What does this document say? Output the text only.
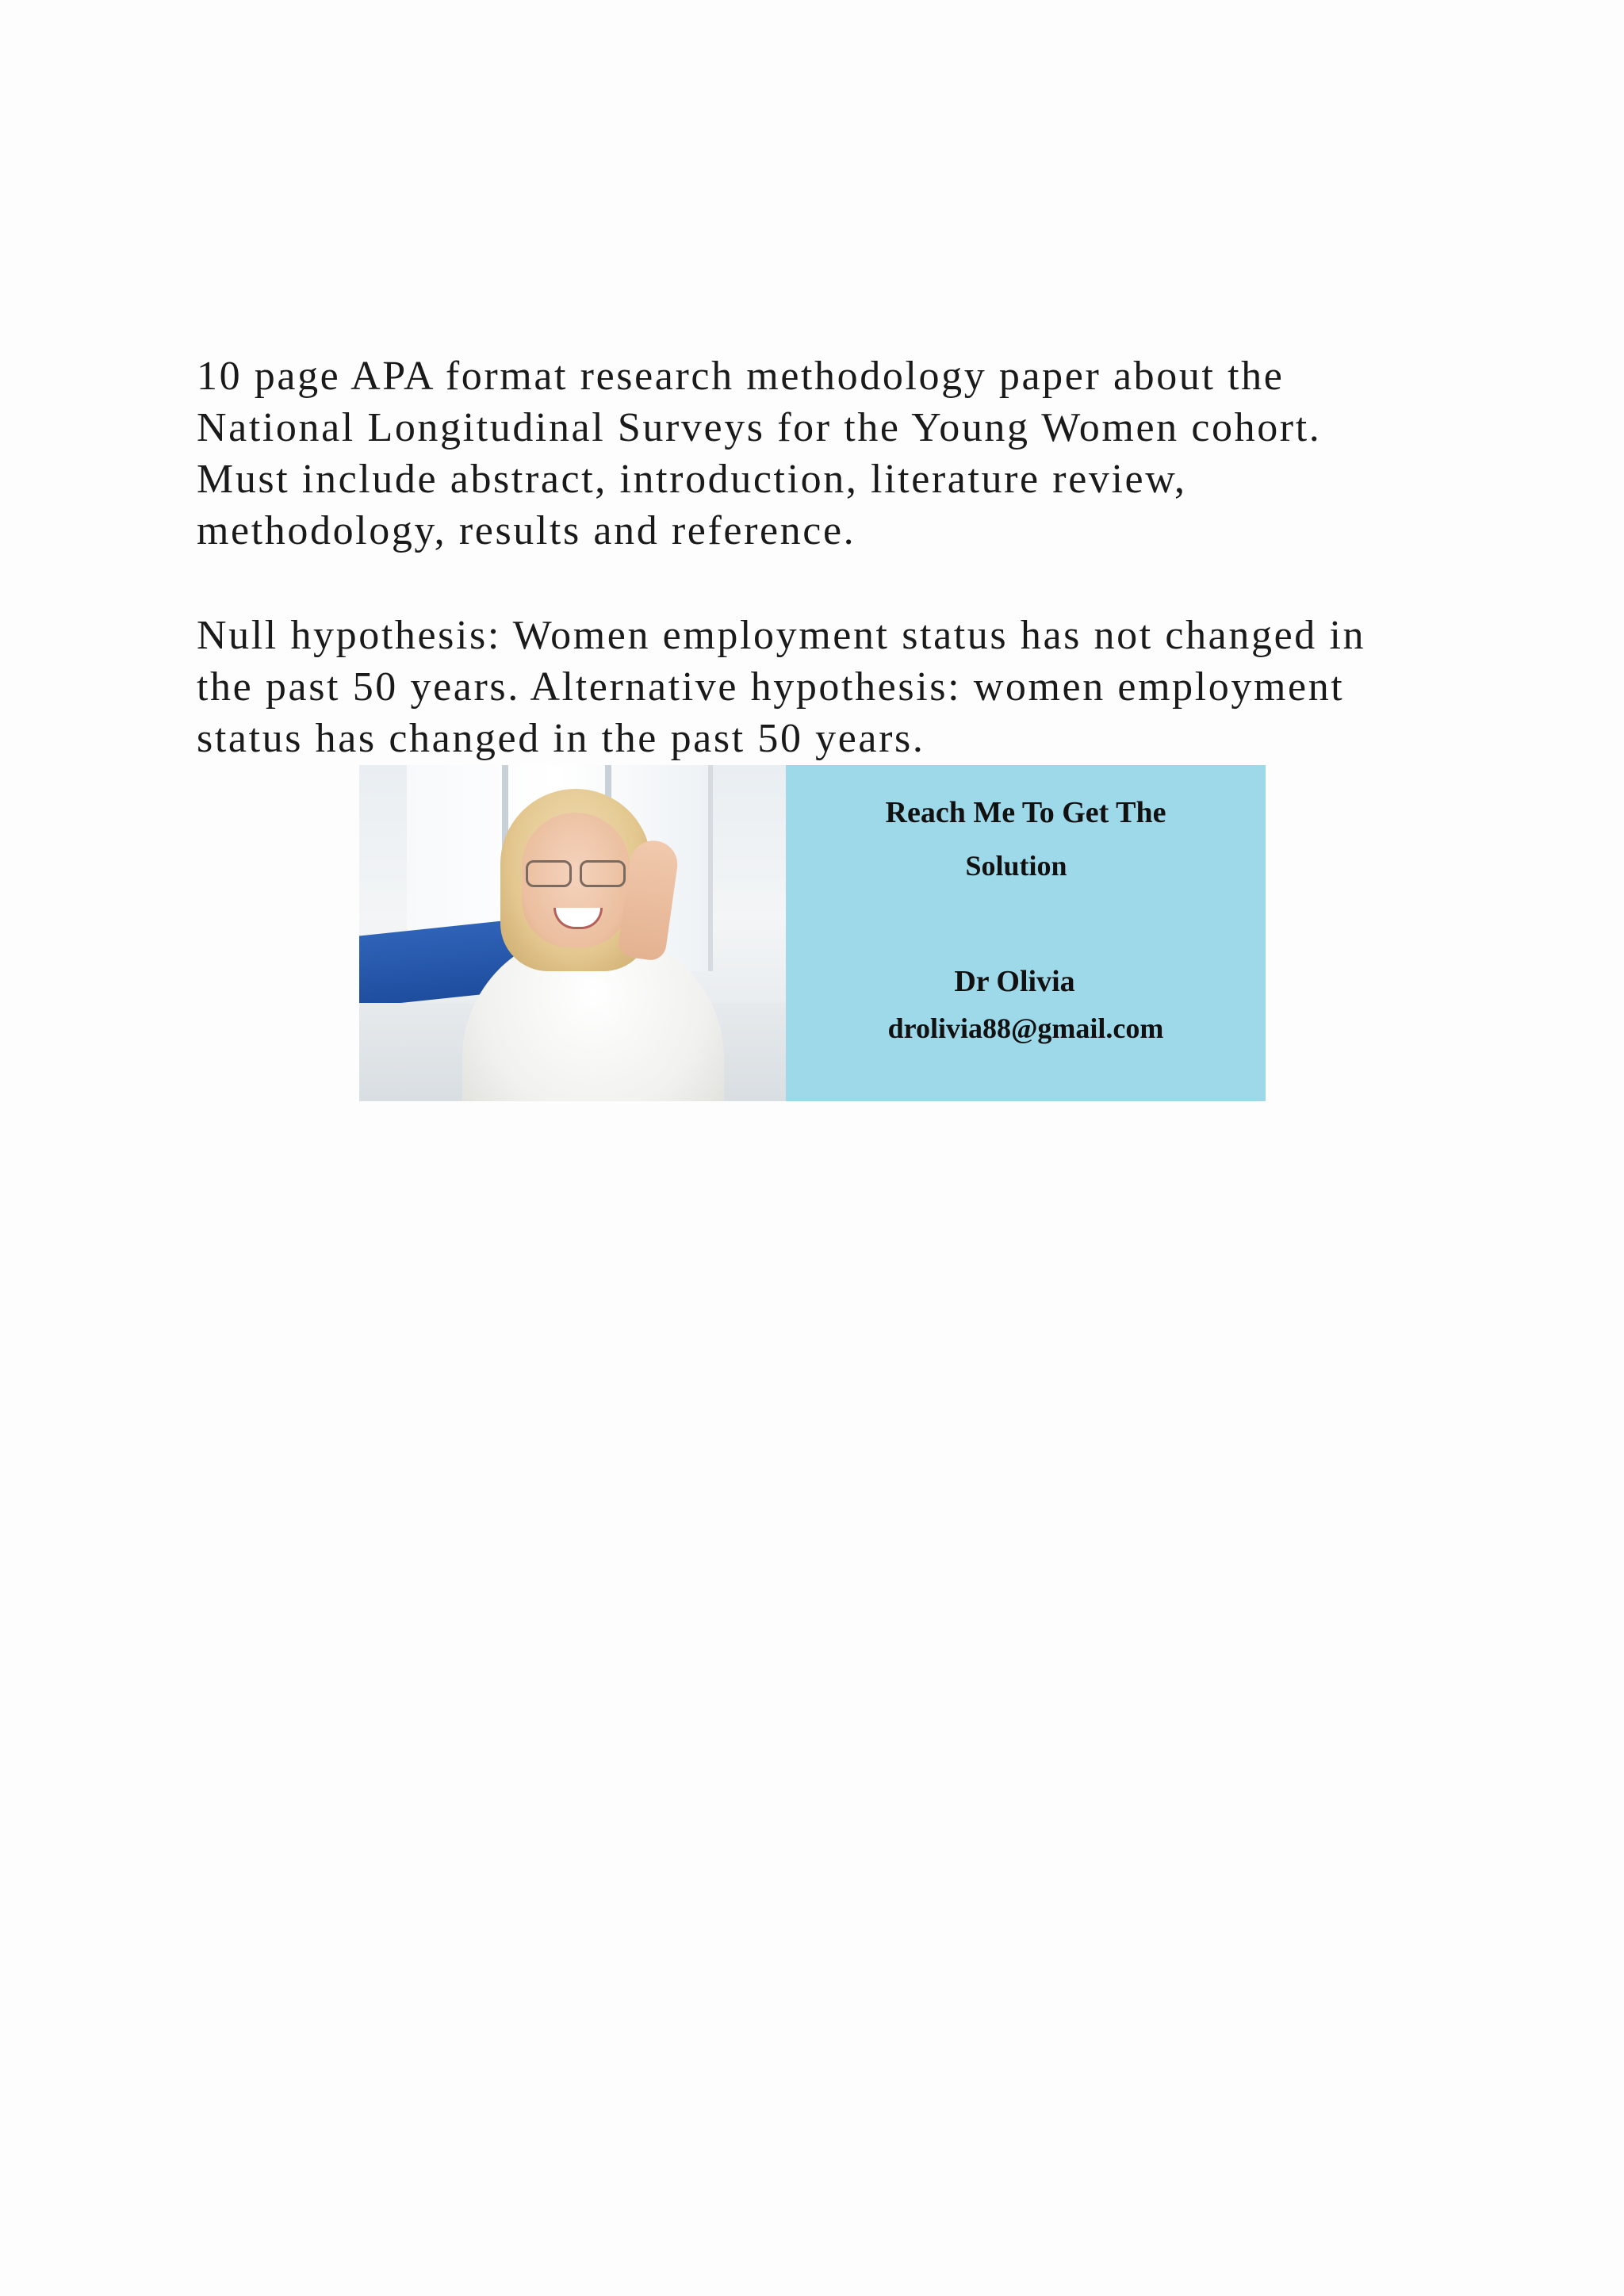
10 page APA format research methodology paper about the
National Longitudinal Surveys for the Young Women cohort.
Must include abstract, introduction, literature review,
methodology, results and reference.

Null hypothesis: Women employment status has not changed in
the past 50 years. Alternative hypothesis: women employment
status has changed in the past 50 years.

Reach Me To Get The

Solution

Dr Olivia

drolivia88@gmail.com
